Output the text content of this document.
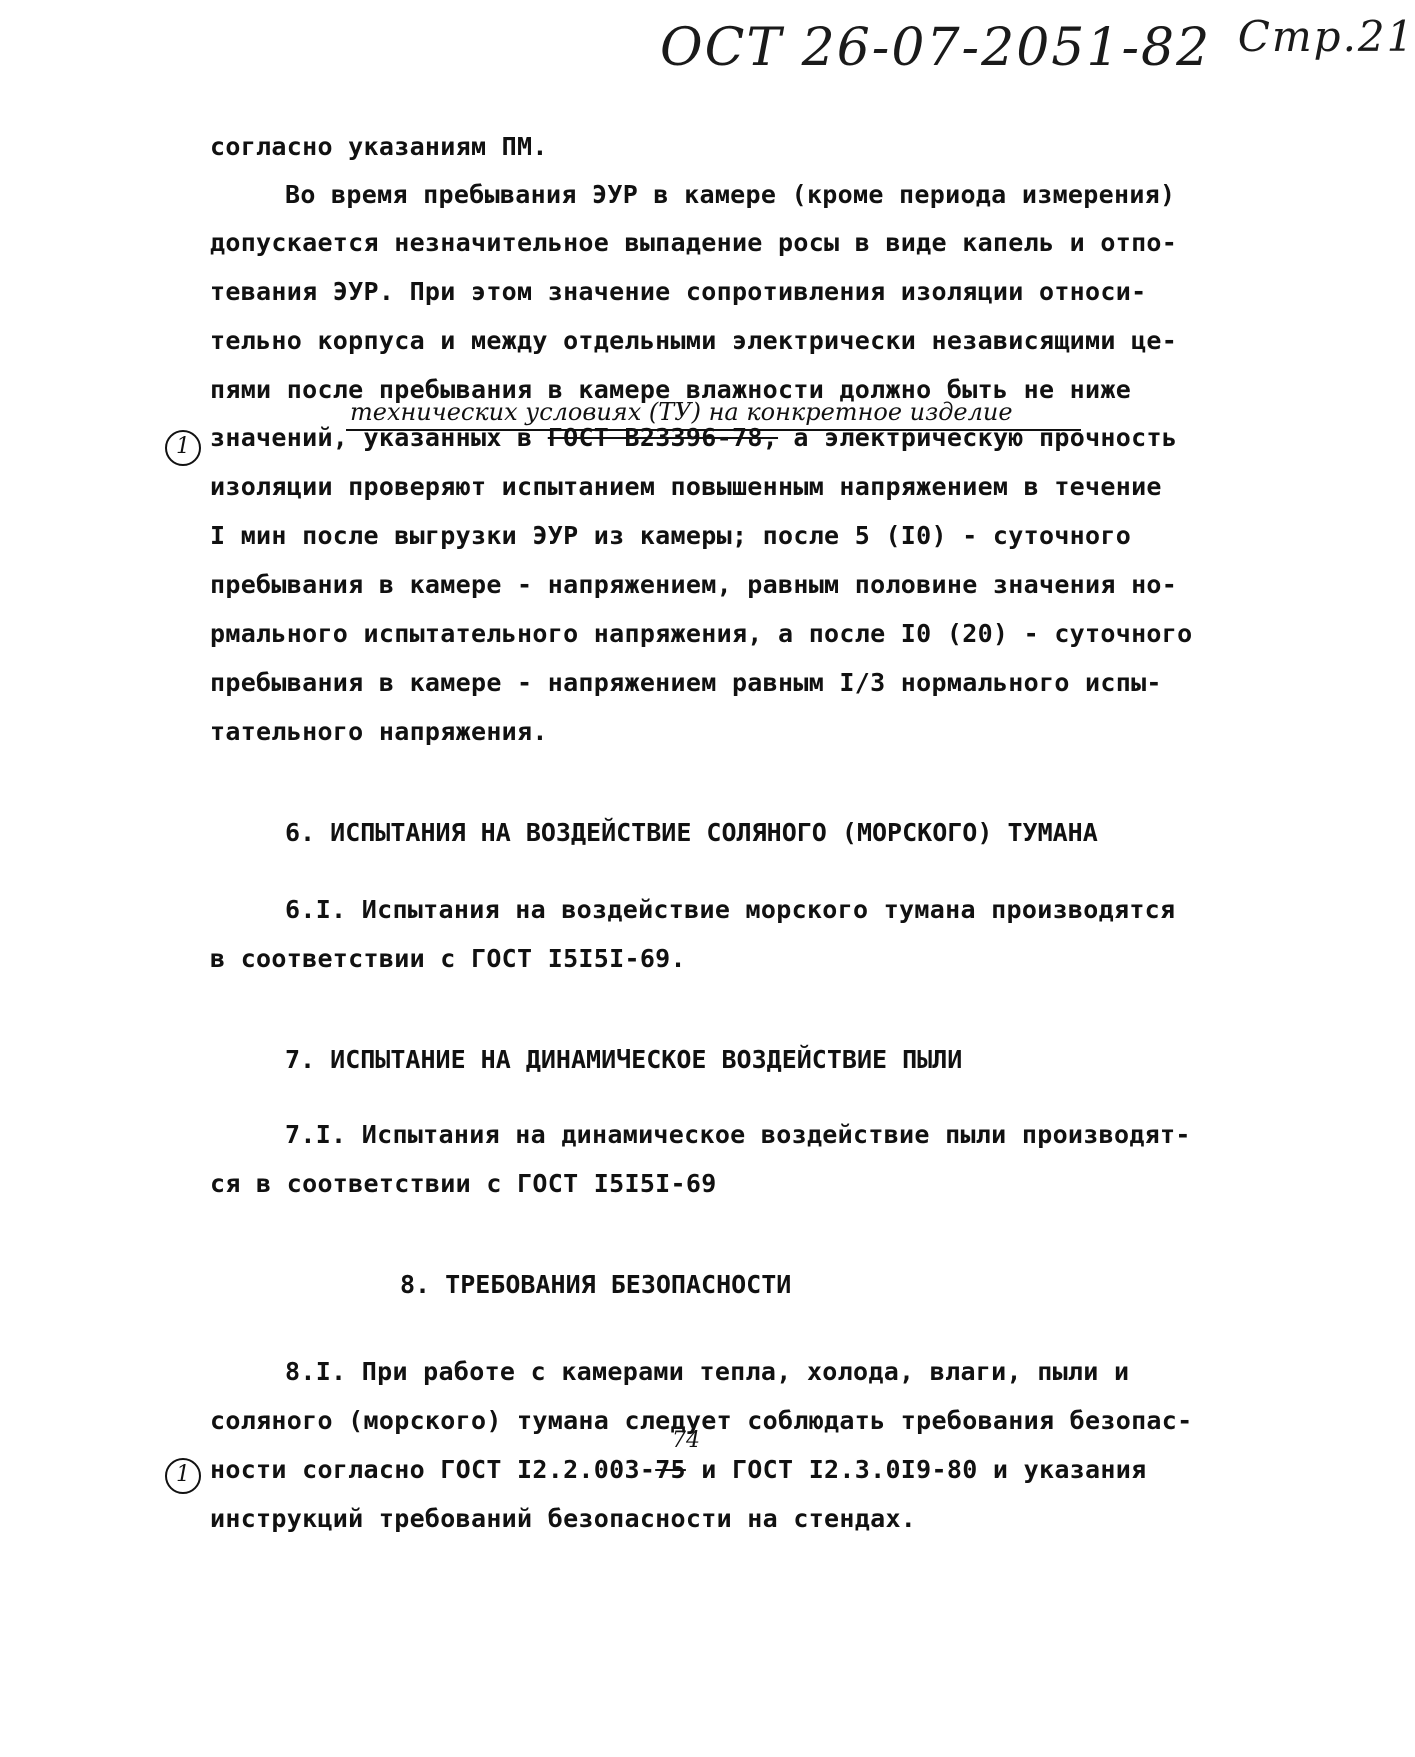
ОСТ 26-07-2051-82 $^{Стр.21}$
согласно указаниям ПМ.
Во время пребывания ЭУР в камере (кроме периода измерения)
допускается незначительное выпадение росы в виде капель и отпо-
тевания ЭУР. При этом значение сопротивления изоляции относи-
тельно корпуса и между отдельными электрически независящими це-
пями после пребывания в камере влажности должно быть не ниже
технических условиях (ТУ) на конкретное изделие
1 значений, указанных в ГОСТ В23396-78, а электрическую прочность
изоляции проверяют испытанием повышенным напряжением в течение
I мин после выгрузки ЭУР из камеры; после 5 (I0) - суточного
пребывания в камере - напряжением, равным половине значения но-
рмального испытательного напряжения, а после I0 (20) - суточного
пребывания в камере - напряжением равным I/3 нормального испы-
тательного напряжения.
6. ИСПЫТАНИЯ НА ВОЗДЕЙСТВИЕ СОЛЯНОГО (МОРСКОГО) ТУМАНА
6.I. Испытания на воздействие морского тумана производятся
в соответствии с ГОСТ I5I5I-69.
7. ИСПЫТАНИЕ НА ДИНАМИЧЕСКОЕ ВОЗДЕЙСТВИЕ ПЫЛИ
7.I. Испытания на динамическое воздействие пыли производят-
ся в соответствии с ГОСТ I5I5I-69
8. ТРЕБОВАНИЯ БЕЗОПАСНОСТИ
8.I. При работе с камерами тепла, холода, влаги, пыли и
соляного (морского) тумана следует соблюдать требования безопас-
1
74
ности согласно ГОСТ I2.2.003-75 и ГОСТ I2.3.0I9-80 и указания
инструкций требований безопасности на стендах.
